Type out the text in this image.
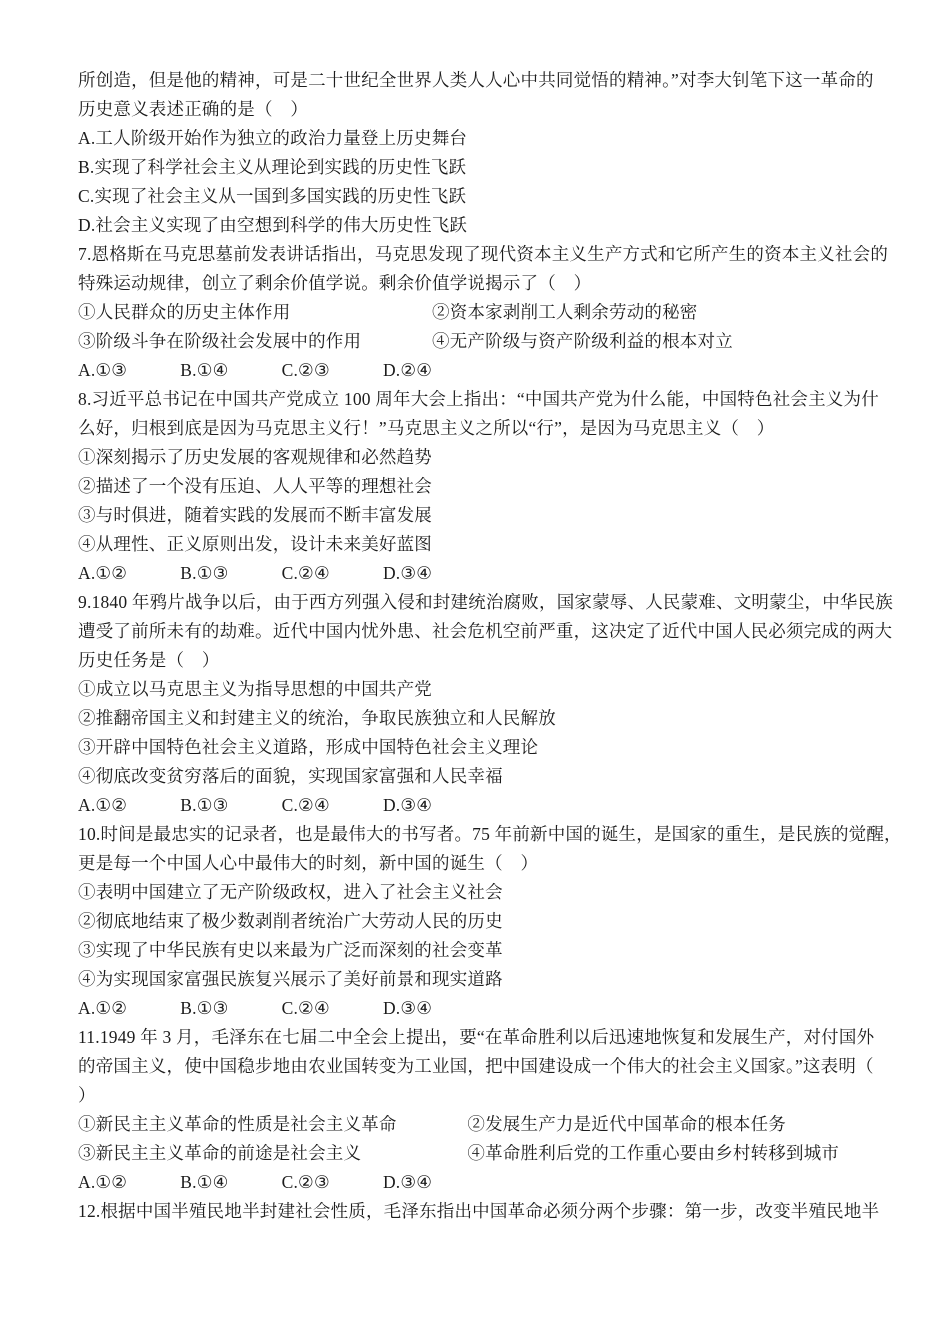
所创造，但是他的精神，可是二十世纪全世界人类人人心中共同觉悟的精神。”对李大钊笔下这一革命的
历史意义表述正确的是（　）
A.工人阶级开始作为独立的政治力量登上历史舞台
B.实现了科学社会主义从理论到实践的历史性飞跃
C.实现了社会主义从一国到多国实践的历史性飞跃
D.社会主义实现了由空想到科学的伟大历史性飞跃
7.恩格斯在马克思墓前发表讲话指出，马克思发现了现代资本主义生产方式和它所产生的资本主义社会的
特殊运动规律，创立了剩余价值学说。剩余价值学说揭示了（　）
①人民群众的历史主体作用　　　　　　　　②资本家剥削工人剩余劳动的秘密
③阶级斗争在阶级社会发展中的作用　　　　④无产阶级与资产阶级利益的根本对立
A.①③　　　B.①④　　　C.②③　　　D.②④
8.习近平总书记在中国共产党成立 100 周年大会上指出：“中国共产党为什么能，中国特色社会主义为什
么好，归根到底是因为马克思主义行！”马克思主义之所以“行”，是因为马克思主义（　）
①深刻揭示了历史发展的客观规律和必然趋势
②描述了一个没有压迫、人人平等的理想社会
③与时俱进，随着实践的发展而不断丰富发展
④从理性、正义原则出发，设计未来美好蓝图
A.①②　　　B.①③　　　C.②④　　　D.③④
9.1840 年鸦片战争以后，由于西方列强入侵和封建统治腐败，国家蒙辱、人民蒙难、文明蒙尘，中华民族
遭受了前所未有的劫难。近代中国内忧外患、社会危机空前严重，这决定了近代中国人民必须完成的两大
历史任务是（　）
①成立以马克思主义为指导思想的中国共产党
②推翻帝国主义和封建主义的统治，争取民族独立和人民解放
③开辟中国特色社会主义道路，形成中国特色社会主义理论
④彻底改变贫穷落后的面貌，实现国家富强和人民幸福
A.①②　　　B.①③　　　C.②④　　　D.③④
10.时间是最忠实的记录者，也是最伟大的书写者。75 年前新中国的诞生，是国家的重生，是民族的觉醒，
更是每一个中国人心中最伟大的时刻，新中国的诞生（　）
①表明中国建立了无产阶级政权，进入了社会主义社会
②彻底地结束了极少数剥削者统治广大劳动人民的历史
③实现了中华民族有史以来最为广泛而深刻的社会变革
④为实现国家富强民族复兴展示了美好前景和现实道路
A.①②　　　B.①③　　　C.②④　　　D.③④
11.1949 年 3 月，毛泽东在七届二中全会上提出，要“在革命胜利以后迅速地恢复和发展生产，对付国外
的帝国主义，使中国稳步地由农业国转变为工业国，把中国建设成一个伟大的社会主义国家。”这表明（
）
①新民主主义革命的性质是社会主义革命　　　　②发展生产力是近代中国革命的根本任务
③新民主主义革命的前途是社会主义　　　　　　④革命胜利后党的工作重心要由乡村转移到城市
A.①②　　　B.①④　　　C.②③　　　D.③④
12.根据中国半殖民地半封建社会性质，毛泽东指出中国革命必须分两个步骤：第一步，改变半殖民地半
